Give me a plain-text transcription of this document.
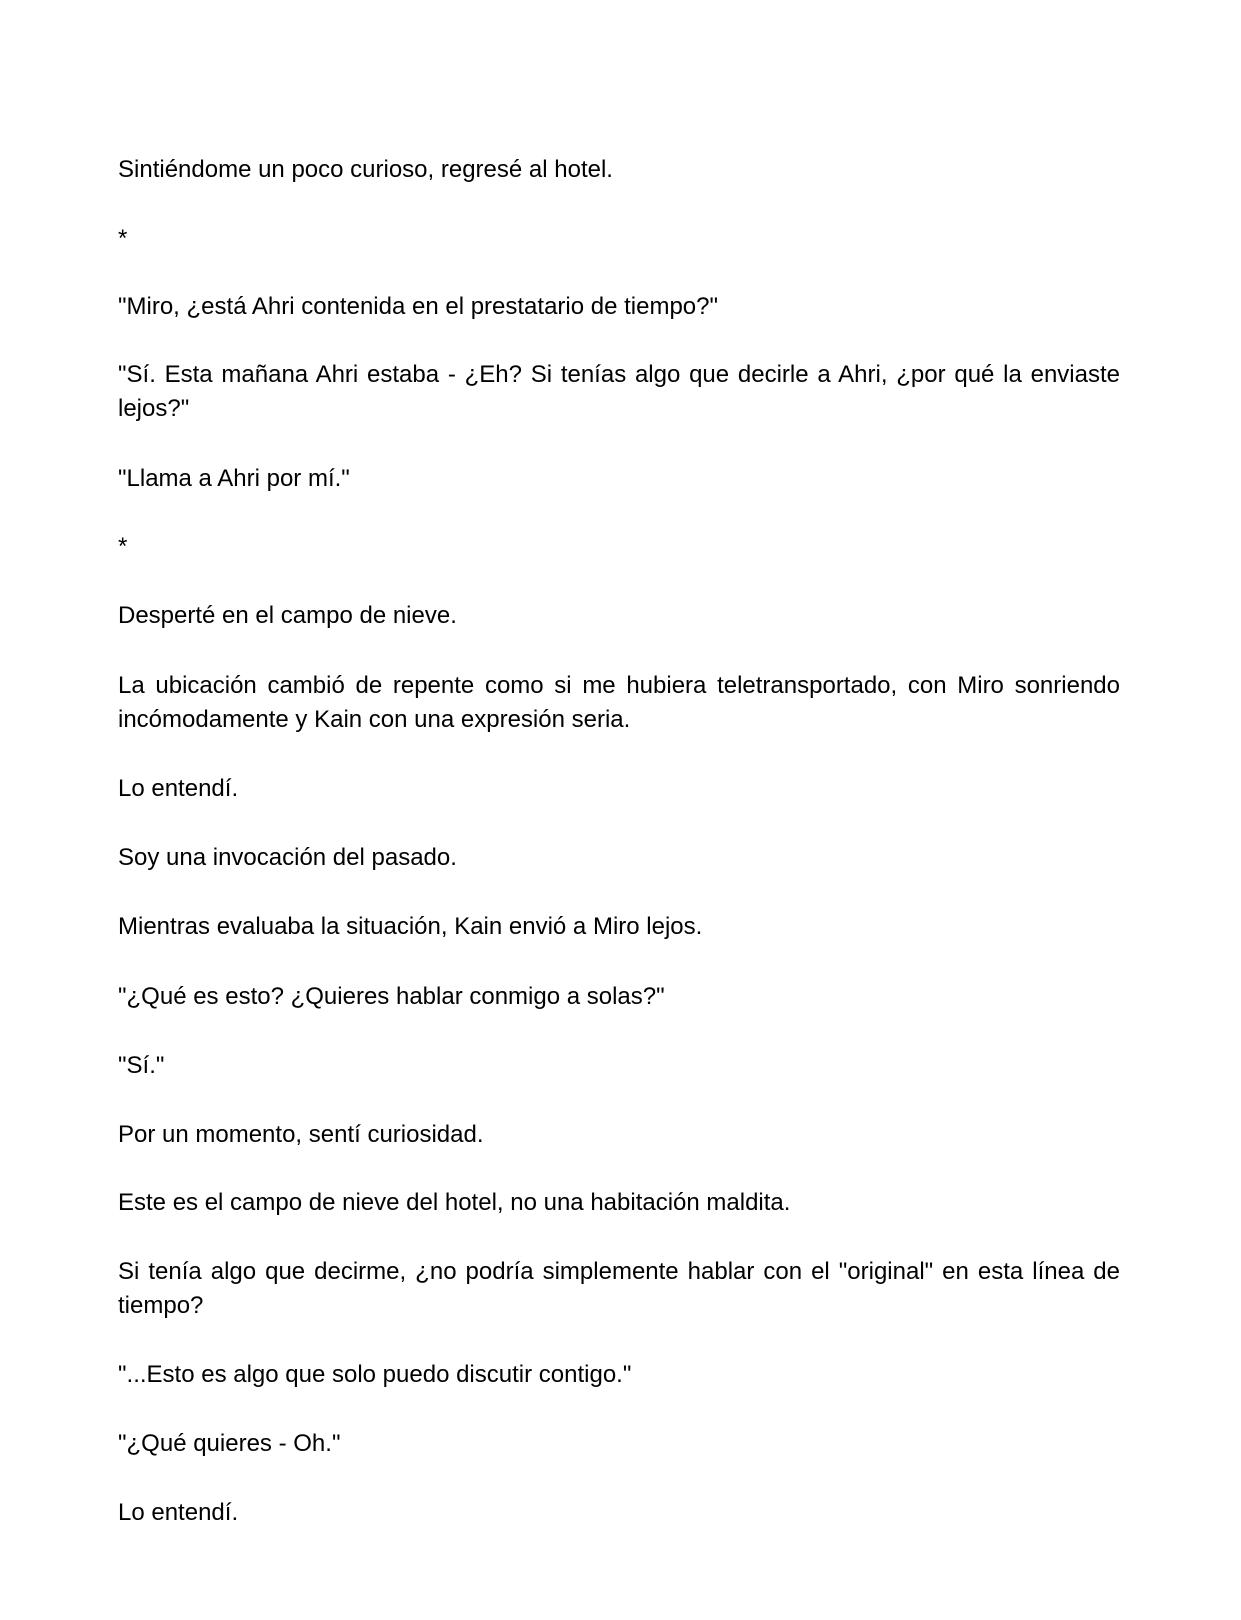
Sintiéndome un poco curioso, regresé al hotel.

*

"Miro, ¿está Ahri contenida en el prestatario de tiempo?"

"Sí. Esta mañana Ahri estaba - ¿Eh? Si tenías algo que decirle a Ahri, ¿por qué la enviaste lejos?"

"Llama a Ahri por mí."

*

Desperté en el campo de nieve.

La ubicación cambió de repente como si me hubiera teletransportado, con Miro sonriendo incómodamente y Kain con una expresión seria.

Lo entendí.

Soy una invocación del pasado.

Mientras evaluaba la situación, Kain envió a Miro lejos.

"¿Qué es esto? ¿Quieres hablar conmigo a solas?"

"Sí."

Por un momento, sentí curiosidad.

Este es el campo de nieve del hotel, no una habitación maldita.

Si tenía algo que decirme, ¿no podría simplemente hablar con el "original" en esta línea de tiempo?

"...Esto es algo que solo puedo discutir contigo."

"¿Qué quieres - Oh."

Lo entendí.
